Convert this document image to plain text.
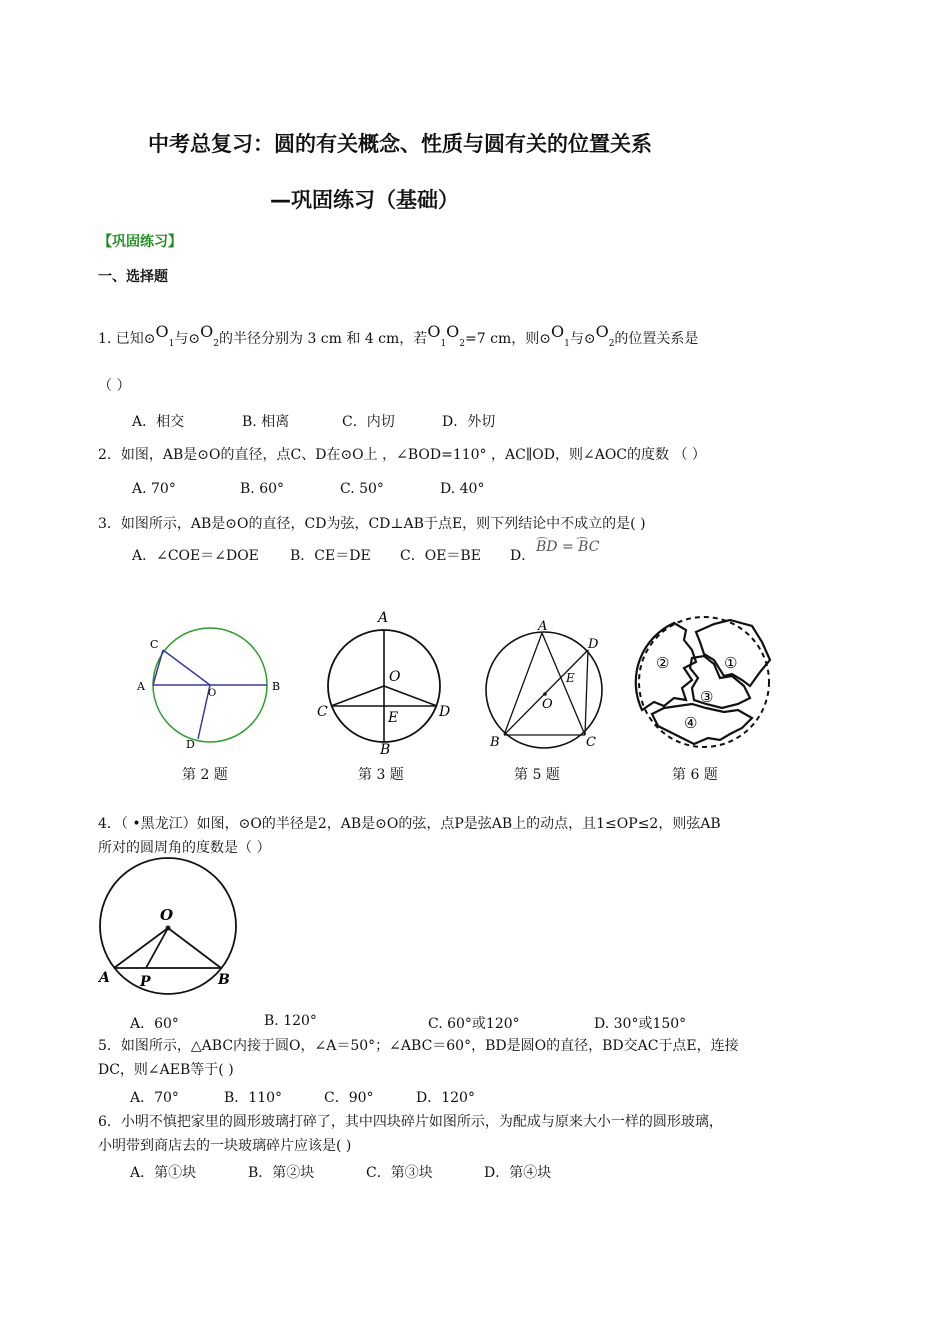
中考总复习：圆的有关概念、性质与圆有关的位置关系
—巩固练习（基础）
【巩固练习】
一、选择题
1. 已知$⊙O_1$与$⊙O_2$的半径分别为 3 cm 和 4 cm，若$O_1O_2=7$ cm，则$⊙O_1$与$⊙O_2$的位置关系是
（ ）
A．相交	B. 相离	C．内切	D．外切
2．如图，AB是⊙O的直径，点C、D在⊙O上 ，∠BOD=110° ，AC∥OD，则∠AOC的度数 （ ）
A. 70°	B. 60°	C. 50°	D. 40°
3．如图所示，AB是⊙O的直径，CD为弦，CD⊥AB于点E，则下列结论中不成立的是( )
A．∠COE＝∠DOE B．CE＝DE C．OE＝BE D．
BD = BC
C
A
O
B
D
第 2 题
A
O
C	E	D
B
第 3 题
A
D
E
O
B	C
第 5 题
①
②
③
④
第 6 题
4．（ •黑龙江）如图，⊙O的半径是2，AB是⊙O的弦，点P是弦AB上的动点，且1≤OP≤2，则弦AB
所对的圆周角的度数是（ ）
O
A P	B
A．60°	B. 120°	C. 60°或120°	D. 30°或150°
5．如图所示，△ABC内接于圆O，∠A＝50°；∠ABC＝60°，BD是圆O的直径，BD交AC于点E，连接
DC，则∠AEB等于( )
A．70°	B．110°	C．90°	D．120°
6．小明不慎把家里的圆形玻璃打碎了，其中四块碎片如图所示，为配成与原来大小一样的圆形玻璃，
小明带到商店去的一块玻璃碎片应该是( )
A．第①块	B．第②块	C．第③块	D．第④块
